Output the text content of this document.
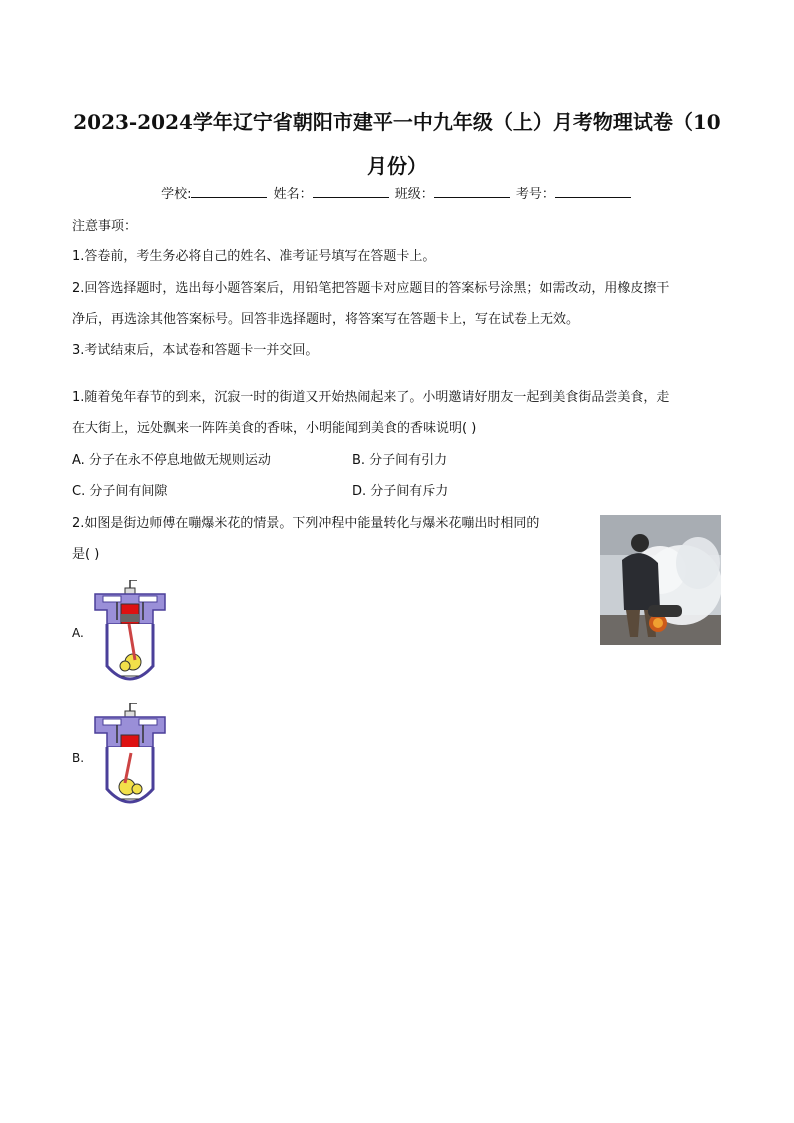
2023-2024学年辽宁省朝阳市建平一中九年级（上）月考物理试卷（10
月份）
学校:	姓名：	班级：	考号：
注意事项：
1.答卷前，考生务必将自己的姓名、准考证号填写在答题卡上。
2.回答选择题时，选出每小题答案后，用铅笔把答题卡对应题目的答案标号涂黑；如需改动，用橡皮擦干
净后，再选涂其他答案标号。回答非选择题时，将答案写在答题卡上，写在试卷上无效。
3.考试结束后，本试卷和答题卡一并交回。
1.随着兔年春节的到来，沉寂一时的街道又开始热闹起来了。小明邀请好朋友一起到美食街品尝美食，走
在大街上，远处飘来一阵阵美食的香味，小明能闻到美食的香味说明( )
A. 分子在永不停息地做无规则运动	B. 分子间有引力
C. 分子间有间隙	D. 分子间有斥力
2.如图是街边师傅在嘣爆米花的情景。下列冲程中能量转化与爆米花嘣出时相同的
是( )
A.
B.
